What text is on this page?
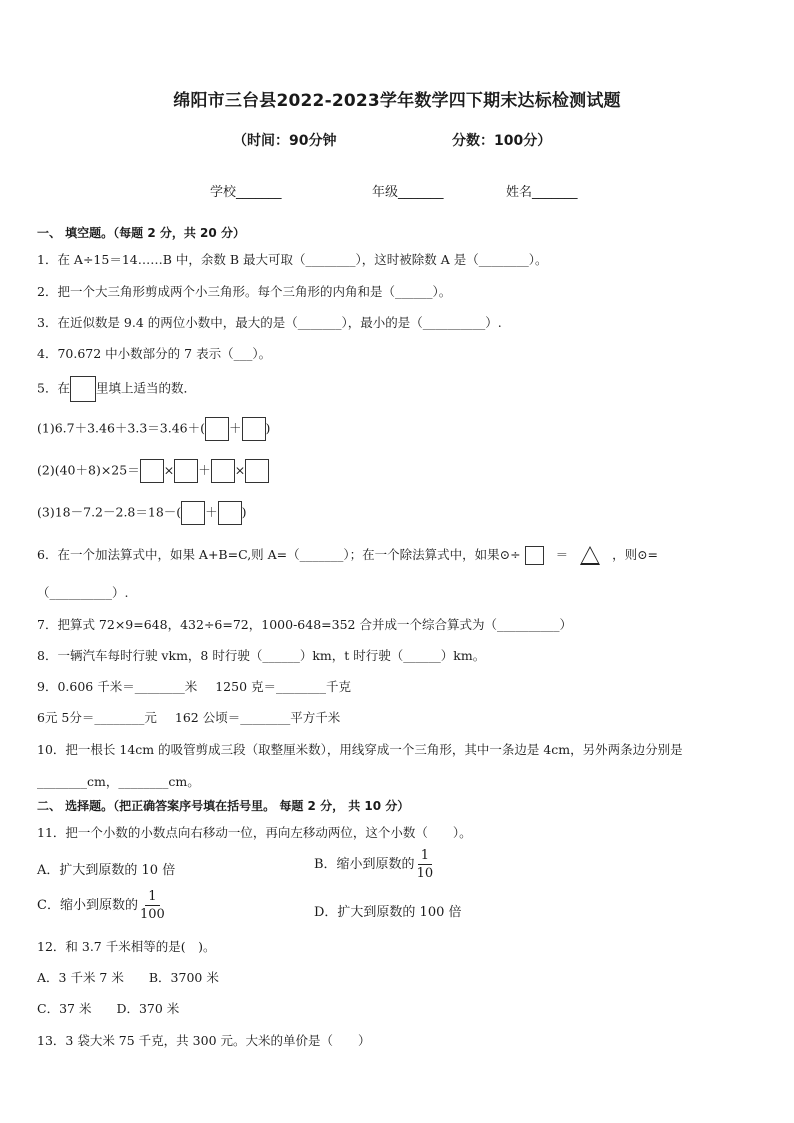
绵阳市三台县2022-2023学年数学四下期末达标检测试题
（时间：90分钟	分数：100分）
学校_______	年级_______	姓名_______
一、 填空题。（每题 2 分，共 20 分）
1．在 A÷15＝14……B 中，余数 B 最大可取（________），这时被除数 A 是（________）。
2．把一个大三角形剪成两个小三角形。每个三角形的内角和是（______）。
3．在近似数是 9.4 的两位小数中，最大的是（_______），最小的是（__________）.
4．70.672 中小数部分的 7 表示（___）。
5．在 里填上适当的数．
(1)6.7＋3.46＋3.3＝3.46＋( ＋ )
(2)(40＋8)×25＝ × ＋ ×
(3)18－7.2－2.8＝18－( ＋ )
6．在一个加法算式中，如果 A+B=C,则 A=（_______）；在一个除法算式中，如果⊙÷	＝	，则⊙=
（__________）.
7．把算式 72×9=648，432÷6=72，1000-648=352 合并成一个综合算式为（__________）
8．一辆汽车每时行驶 vkm，8 时行驶（______）km，t 时行驶（______）km。
9．0.606 千米＝________米 1250 克＝________千克
6元 5分＝________元 162 公顷＝________平方千米
10．把一根长 14cm 的吸管剪成三段（取整厘米数），用线穿成一个三角形，其中一条边是 4cm，另外两条边分别是
________cm，________cm。
二、 选择题。（把正确答案序号填在括号里。 每题 2 分， 共 10 分）
11．把一个小数的小数点向右移动一位，再向左移动两位，这个小数（　　）。
A．扩大到原数的 10 倍	B．缩小到原数的 $\frac{1}{10}$
C．缩小到原数的 $\frac{1}{100}$	D．扩大到原数的 100 倍
12．和 3.7 千米相等的是(　)。
A．3 千米 7 米　　B．3700 米
C．37 米　　D．370 米
13．3 袋大米 75 千克，共 300 元。大米的单价是（　　）
